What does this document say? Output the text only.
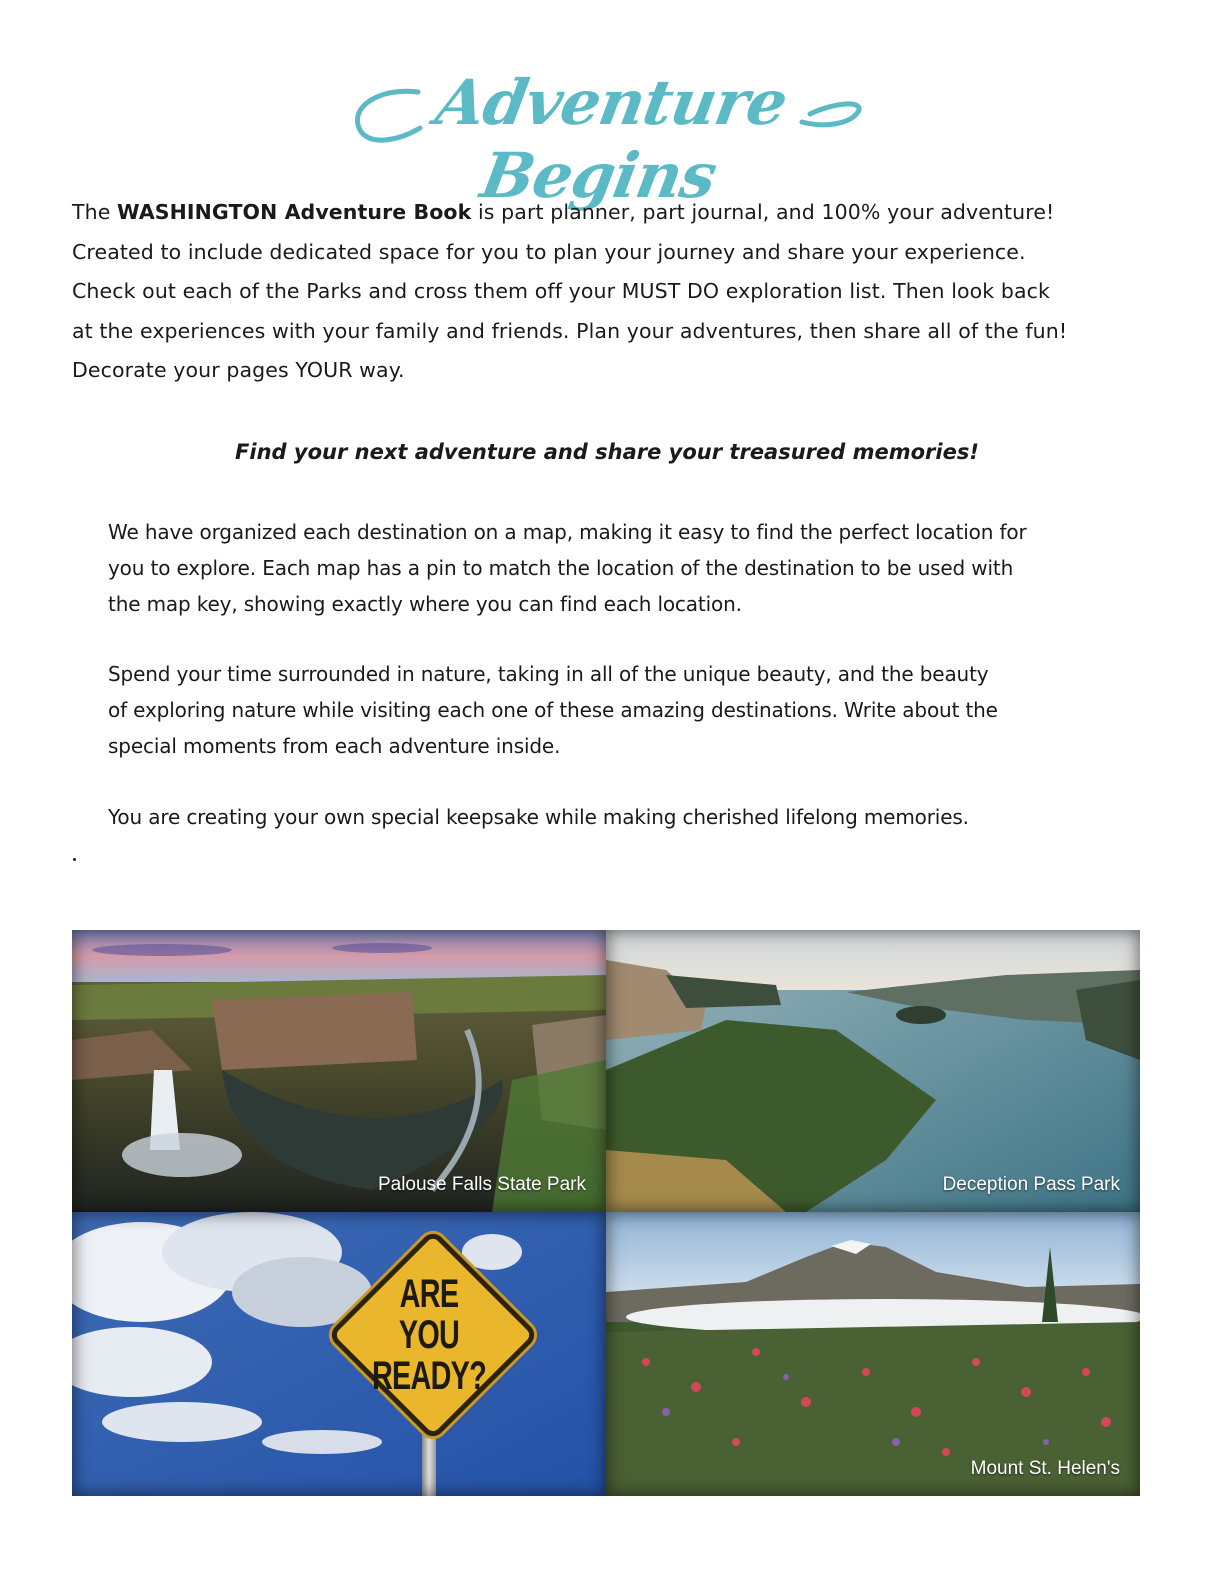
Adventure Begins
The WASHINGTON Adventure Book is part planner, part journal, and 100% your adventure!
Created to include dedicated space for you to plan your journey and share your experience.
Check out each of the Parks and cross them off your MUST DO exploration list. Then look back
at the experiences with your family and friends. Plan your adventures, then share all of the fun!
Decorate your pages YOUR way.
Find your next adventure and share your treasured memories!
We have organized each destination on a map, making it easy to find the perfect location for
you to explore. Each map has a pin to match the location of the destination to be used with
the map key, showing exactly where you can find each location.
Spend your time surrounded in nature, taking in all of the unique beauty, and the beauty
of exploring nature while visiting each one of these amazing destinations. Write about the
special moments from each adventure inside.
You are creating your own special keepsake while making cherished lifelong memories.
Palouse Falls State Park	Deception Pass Park
ARE
YOU
READY?
Mount St. Helen's
